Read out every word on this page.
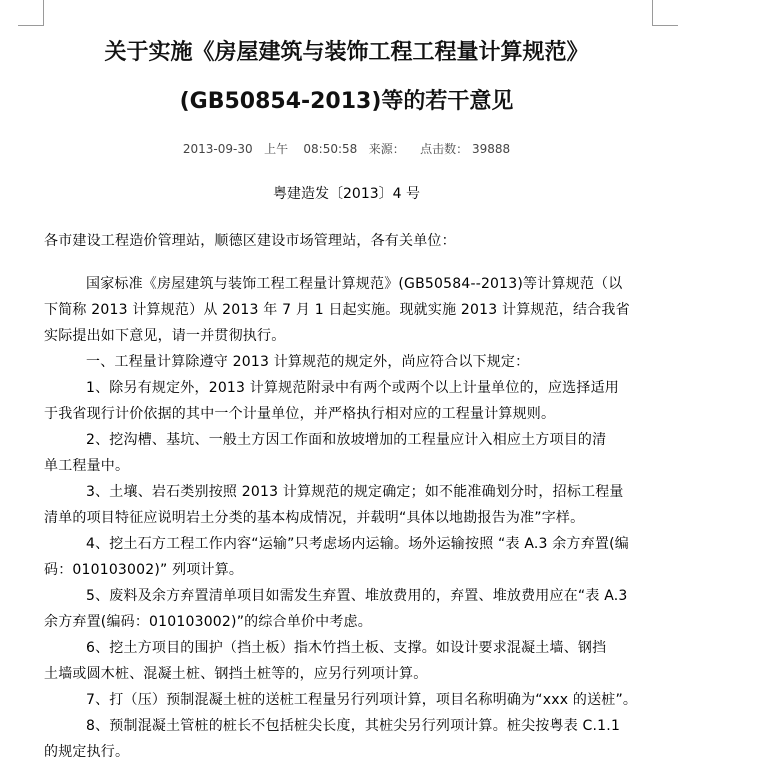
关于实施《房屋建筑与装饰工程工程量计算规范》
(GB50854-2013)等的若干意见
2013-09-30 上午 08:50:58 来源： 点击数： 39888
粤建造发〔2013〕4 号
各市建设工程造价管理站，顺德区建设市场管理站，各有关单位：
国家标准《房屋建筑与装饰工程工程量计算规范》(GB50584--2013)等计算规范（以
下简称 2013 计算规范）从 2013 年 7 月 1 日起实施。现就实施 2013 计算规范，结合我省
实际提出如下意见，请一并贯彻执行。
一、工程量计算除遵守 2013 计算规范的规定外，尚应符合以下规定：
1、除另有规定外，2013 计算规范附录中有两个或两个以上计量单位的，应选择适用
于我省现行计价依据的其中一个计量单位，并严格执行相对应的工程量计算规则。
2、挖沟槽、基坑、一般土方因工作面和放坡增加的工程量应计入相应土方项目的清
单工程量中。
3、土壤、岩石类别按照 2013 计算规范的规定确定；如不能准确划分时，招标工程量
清单的项目特征应说明岩土分类的基本构成情况，并载明“具体以地勘报告为准”字样。
4、挖土石方工程工作内容“运输”只考虑场内运输。场外运输按照 “表 A.3 余方弃置(编
码：010103002)” 列项计算。
5、废料及余方弃置清单项目如需发生弃置、堆放费用的，弃置、堆放费用应在“表 A.3
余方弃置(编码：010103002)”的综合单价中考虑。
6、挖土方项目的围护（挡土板）指木竹挡土板、支撑。如设计要求混凝土墙、钢挡
土墙或圆木桩、混凝土桩、钢挡土桩等的，应另行列项计算。
7、打（压）预制混凝土桩的送桩工程量另行列项计算，项目名称明确为“xxx 的送桩”。
8、预制混凝土管桩的桩长不包括桩尖长度，其桩尖另行列项计算。桩尖按粤表 C.1.1
的规定执行。
